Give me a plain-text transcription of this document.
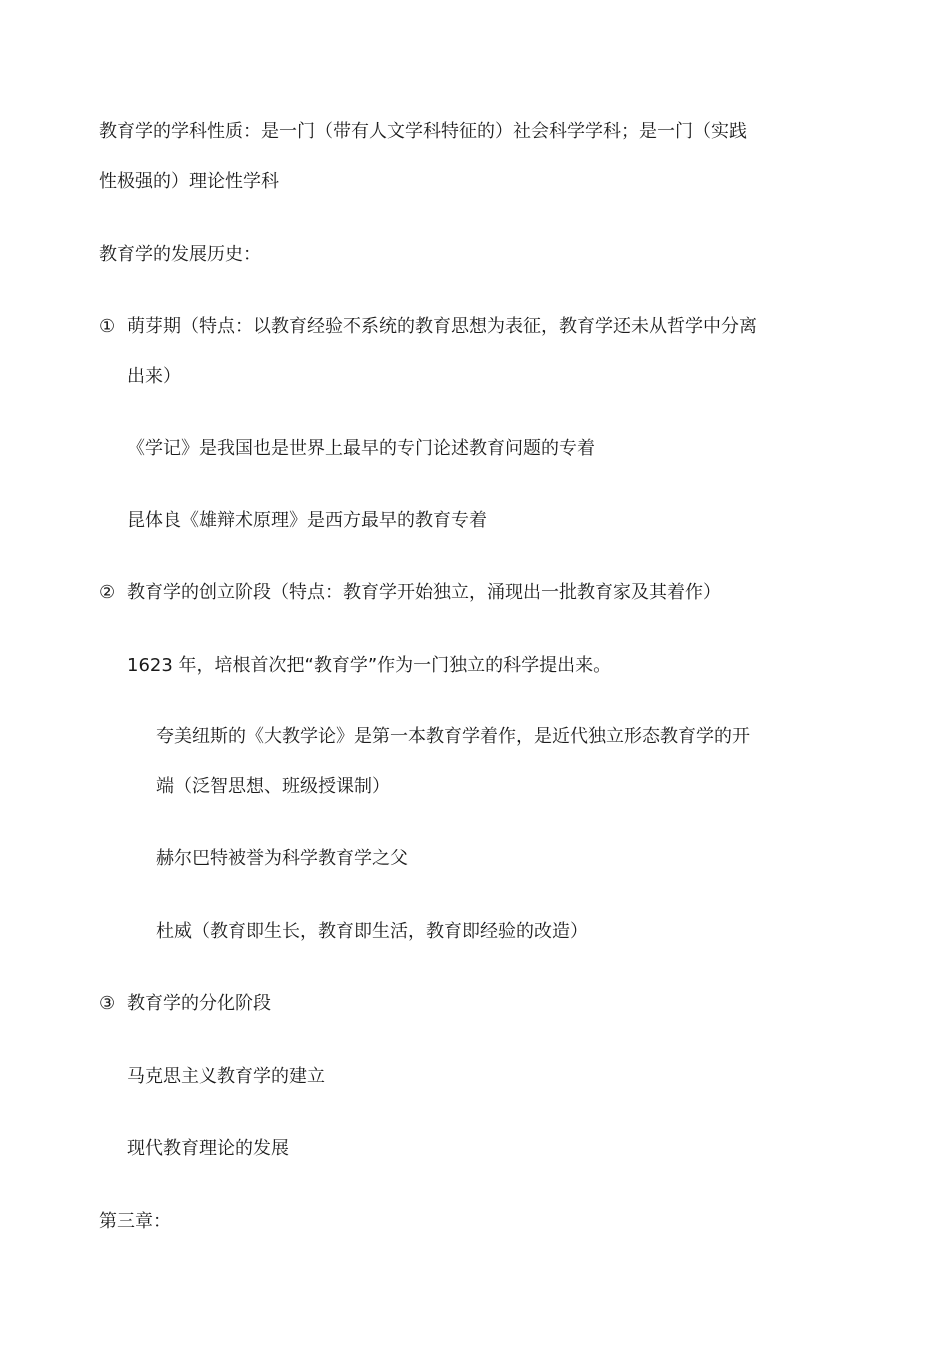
教育学的学科性质：是一门（带有人文学科特征的）社会科学学科；是一门（实践
性极强的）理论性学科
教育学的发展历史：
① 萌芽期（特点：以教育经验不系统的教育思想为表征，教育学还未从哲学中分离
出来）
《学记》是我国也是世界上最早的专门论述教育问题的专着
昆体良《雄辩术原理》是西方最早的教育专着
② 教育学的创立阶段（特点：教育学开始独立，涌现出一批教育家及其着作）
1623 年，培根首次把“教育学”作为一门独立的科学提出来。
夸美纽斯的《大教学论》是第一本教育学着作，是近代独立形态教育学的开
端（泛智思想、班级授课制）
赫尔巴特被誉为科学教育学之父
杜威（教育即生长，教育即生活，教育即经验的改造）
③ 教育学的分化阶段
马克思主义教育学的建立
现代教育理论的发展
第三章：
